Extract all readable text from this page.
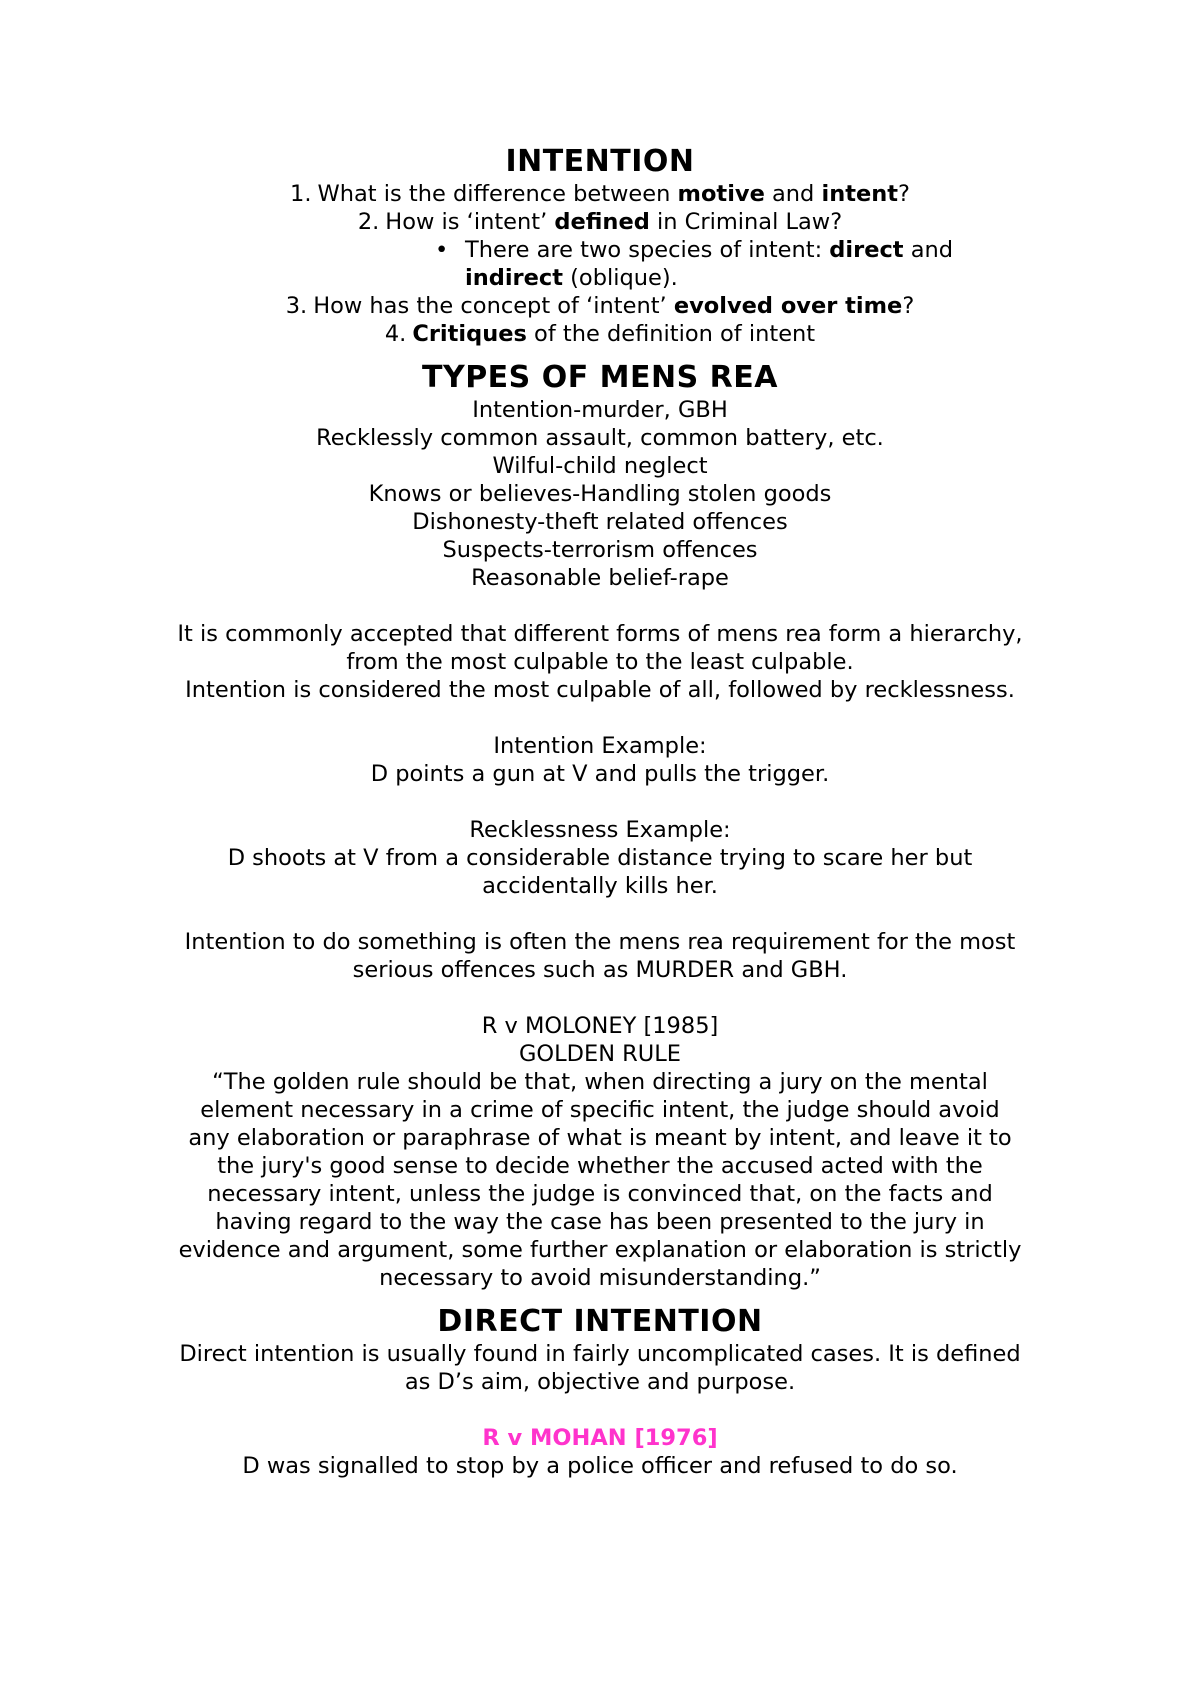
INTENTION

1. What is the difference between motive and intent?

2. How is ‘intent’ defined in Criminal Law?

• There are two species of intent: direct and
indirect (oblique).

3. How has the concept of ‘intent’ evolved over time?

4. Critiques of the definition of intent

TYPES OF MENS REA

Intention-murder, GBH

Recklessly common assault, common battery, etc.

Wilful-child neglect

Knows or believes-Handling stolen goods

Dishonesty-theft related offences

Suspects-terrorism offences

Reasonable belief-rape

It is commonly accepted that different forms of mens rea form a hierarchy,

from the most culpable to the least culpable.

Intention is considered the most culpable of all, followed by recklessness.

Intention Example:

D points a gun at V and pulls the trigger.

Recklessness Example:

D shoots at V from a considerable distance trying to scare her but

accidentally kills her.

Intention to do something is often the mens rea requirement for the most

serious offences such as MURDER and GBH.

R v MOLONEY [1985]

GOLDEN RULE

“The golden rule should be that, when directing a jury on the mental

element necessary in a crime of specific intent, the judge should avoid

any elaboration or paraphrase of what is meant by intent, and leave it to

the jury's good sense to decide whether the accused acted with the

necessary intent, unless the judge is convinced that, on the facts and

having regard to the way the case has been presented to the jury in

evidence and argument, some further explanation or elaboration is strictly

necessary to avoid misunderstanding.”

DIRECT INTENTION

Direct intention is usually found in fairly uncomplicated cases. It is defined

as D’s aim, objective and purpose.

R v MOHAN [1976]

D was signalled to stop by a police officer and refused to do so.
